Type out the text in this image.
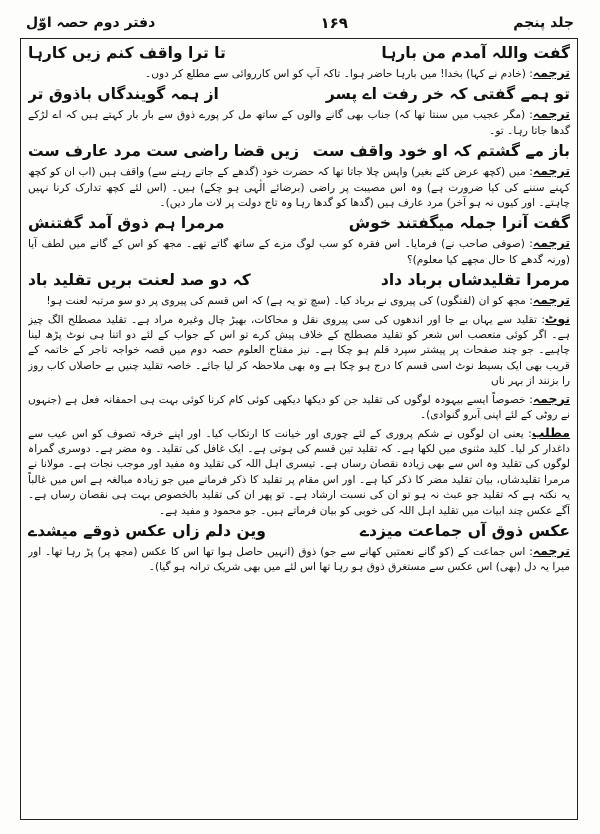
جلد پنجم
۱۶۹
دفتر دوم حصہ اوّل
گفت واللہ آمدم من بارہا
تا ترا واقف کنم زیں کارہا

ترجمہ: (خادم نے کہا) بخدا! میں بارہا حاضر ہوا۔ تاکہ آپ کو اس کارروائی سے مطلع کر دوں۔

تو ہمے گفتی کہ خر رفت اے پسر
از ہمہ گویندگاں باذوق تر

ترجمہ: (مگر عجیب میں سنتا تھا کہ) جناب بھی گانے والوں کے ساتھ مل کر پورے ذوق سے بار بار کہتے ہیں کہ اے لڑکے گدھا جاتا رہا۔ تو۔

باز مے گشتم کہ او خود واقف ست
زیں قضا راضی ست مرد عارف ست

ترجمہ: میں (کچھ عرض کئے بغیر) واپس چلا جاتا تھا کہ حضرت خود (گدھے کے جاتے رہنے سے) واقف ہیں (اب ان کو کچھ کہنے سننے کی کیا ضرورت ہے) وہ اس مصیبت پر راضی (برضائے الٰہی ہو چکے) ہیں۔ (اس لئے کچھ تدارک کرنا نہیں چاہتے۔ اور کیوں نہ ہو آخر) مرد عارف ہیں (گدھا کو گدھا رہا وہ تاج دولت پر لات مار دیں)۔

گفت آنرا جملہ میگفتند خوش
مرمرا ہم ذوق آمد گفتنش

ترجمہ: (صوفی صاحب نے) فرمایا۔ اس فقرہ کو سب لوگ مزے کے ساتھ گاتے تھے۔ مجھ کو اس کے گانے میں لطف آیا (ورنہ گدھے کا حال مجھے کیا معلوم)؟

مرمرا تقلیدشاں برباد داد
کہ دو صد لعنت بریں تقلید باد

ترجمہ: مجھ کو ان (لفنگوں) کی پیروی نے برباد کیا۔ (سچ تو یہ ہے) کہ اس قسم کی پیروی پر دو سو مرتبہ لعنت ہو!

نوٹ: تقلید سے یہاں بے جا اور اندھوں کی سی پیروی نقل و محاکات، بھیڑ چال وغیرہ مراد ہے۔ تقلید مصطلح الگ چیز ہے۔ اگر کوئی متعصب اس شعر کو تقلید مصطلح کے خلاف پیش کرے تو اس کے جواب کے لئے دو اتنا ہی نوٹ پڑھ لینا چاہیے۔ جو چند صفحات پر پیشتر سپرد قلم ہو چکا ہے۔ نیز مفتاح العلوم حصہ دوم میں قصہ خواجہ تاجر کے خاتمہ کے قریب بھی ایک بسیط نوٹ اسی قسم کا درج ہو چکا ہے وہ بھی ملاحظہ کر لیا جائے۔ خاصہ تقلید چنیں بے حاصلاں کاب روز را بزنند از بہر ناں

ترجمہ: خصوصاً ایسے بیہودہ لوگوں کی تقلید جن کو دیکھا دیکھی کوئی کام کرنا کوئی بہت ہی احمقانہ فعل ہے (جنہوں نے روٹی کے لئے اپنی آبرو گنوادی)۔

مطلب: یعنی ان لوگوں نے شکم پروری کے لئے چوری اور خیانت کا ارتکاب کیا۔ اور اپنے خرقہ تصوف کو اس عیب سے داغدار کر لیا۔ کلید مثنوی میں لکھا ہے۔ کہ تقلید تین قسم کی ہوتی ہے۔ ایک غافل کی تقلید۔ وہ مضر ہے۔ دوسری گمراہ لوگوں کی تقلید وہ اس سے بھی زیادہ نقصان رساں ہے۔ تیسری اہل اللہ کی تقلید وہ مفید اور موجب نجات ہے۔ مولانا نے مرمرا تقلیدشاں، بیان تقلید مضر کا ذکر کیا ہے۔ اور اس مقام پر تقلید کا ذکر فرمانے میں جو زیادہ مبالغہ ہے اس میں غالباً یہ نکتہ ہے کہ تقلید جو عبث نہ ہو تو ان کی نسبت ارشاد ہے۔ تو پھر ان کی تقلید بالخصوص بہت ہی نقصان رساں ہے۔ آگے عکس چند ابیات میں تقلید اہل اللہ کی خوبی کو بیان فرماتے ہیں۔ جو محمود و مفید ہے۔

عکس ذوق آں جماعت میزدے
وین دلم زاں عکس ذوقے میشدے

ترجمہ: اس جماعت کے (کو گانے نعمتیں کھانے سے جو) ذوق (انہیں حاصل ہوا تھا اس کا عکس (مجھ پر) پڑ رہا تھا۔ اور میرا یہ دل (بھی) اس عکس سے مستغرق ذوق ہو رہا تھا اس لئے میں بھی شریک ترانہ ہو گیا)۔
